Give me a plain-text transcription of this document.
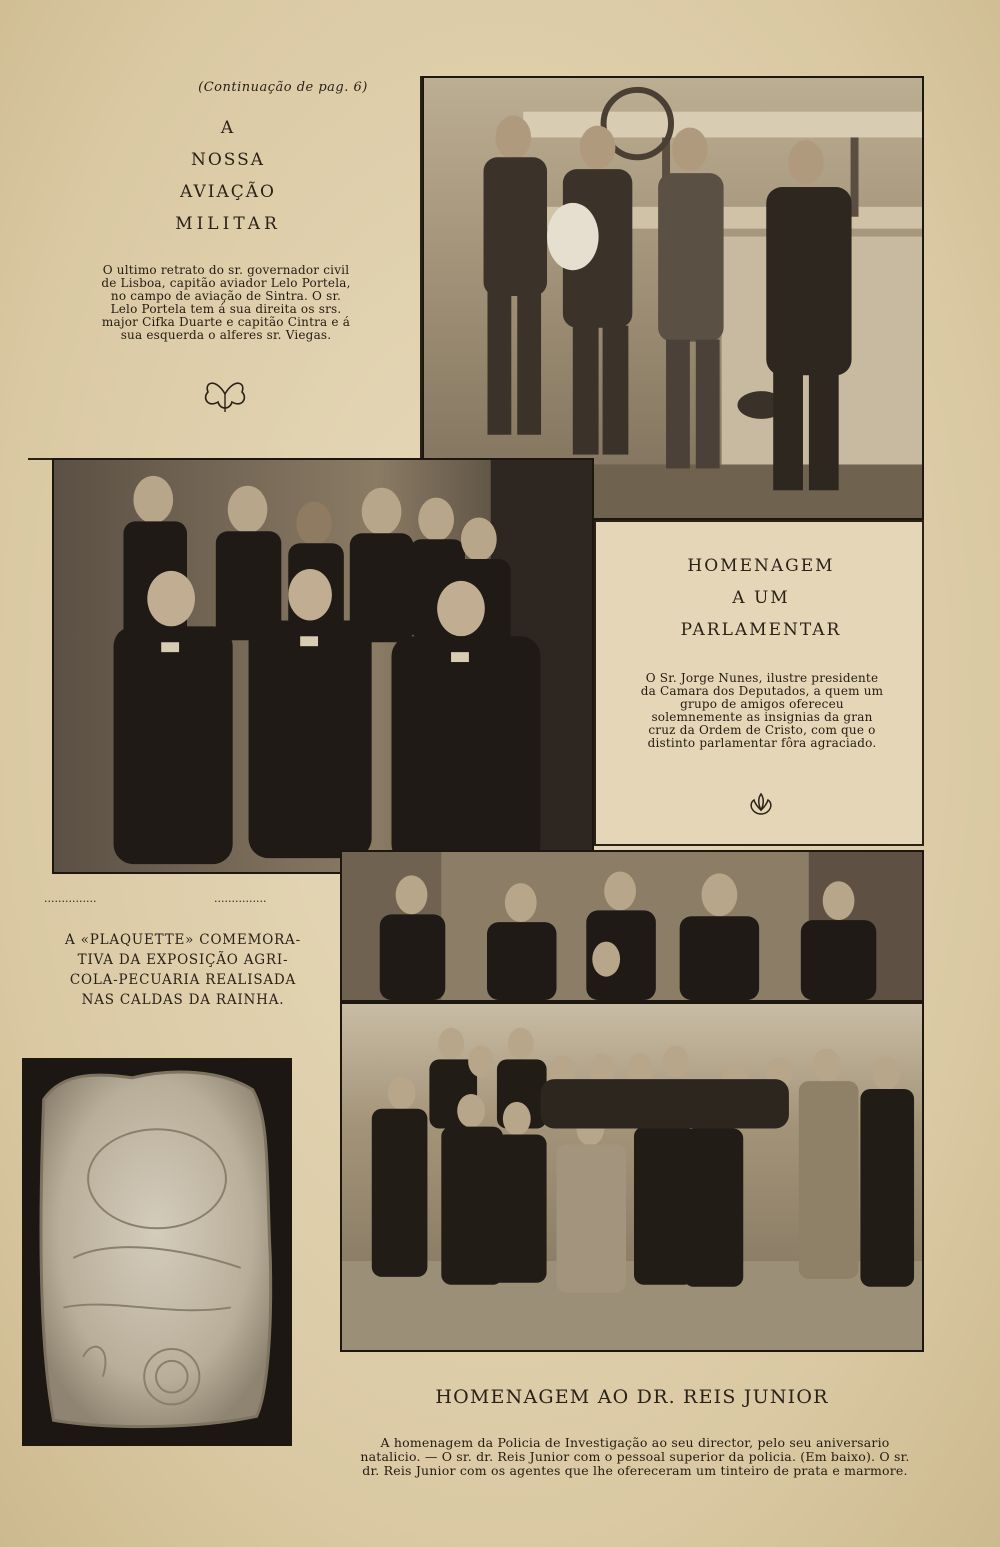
(Continuação de pag. 6)
A
NOSSA
AVIAÇÃO
MILITAR
O ultimo retrato do sr. governador civil de Lisboa, capitão aviador Lelo Portela, no campo de aviação de Sintra. O sr. Lelo Portela tem á sua direita os srs. major Cifka Duarte e capitão Cintra e á sua esquerda o alferes sr. Viegas.
HOMENAGEM
A UM
PARLAMENTAR
O Sr. Jorge Nunes, ilustre presidente da Camara dos Deputados, a quem um grupo de amigos ofereceu solemnemente as insignias da gran cruz da Ordem de Cristo, com que o distinto parlamentar fôra agraciado.
...............	...............
A «PLAQUETTE» COMEMORA-
TIVA DA EXPOSIÇÃO AGRI-
COLA-PECUARIA REALISADA
NAS CALDAS DA RAINHA.
HOMENAGEM AO DR. REIS JUNIOR
A homenagem da Policia de Investigação ao seu director, pelo seu aniversario natalicio. — O sr. dr. Reis Junior com o pessoal superior da policia. (Em baixo). O sr. dr. Reis Junior com os agentes que lhe ofereceram um tinteiro de prata e marmore.
